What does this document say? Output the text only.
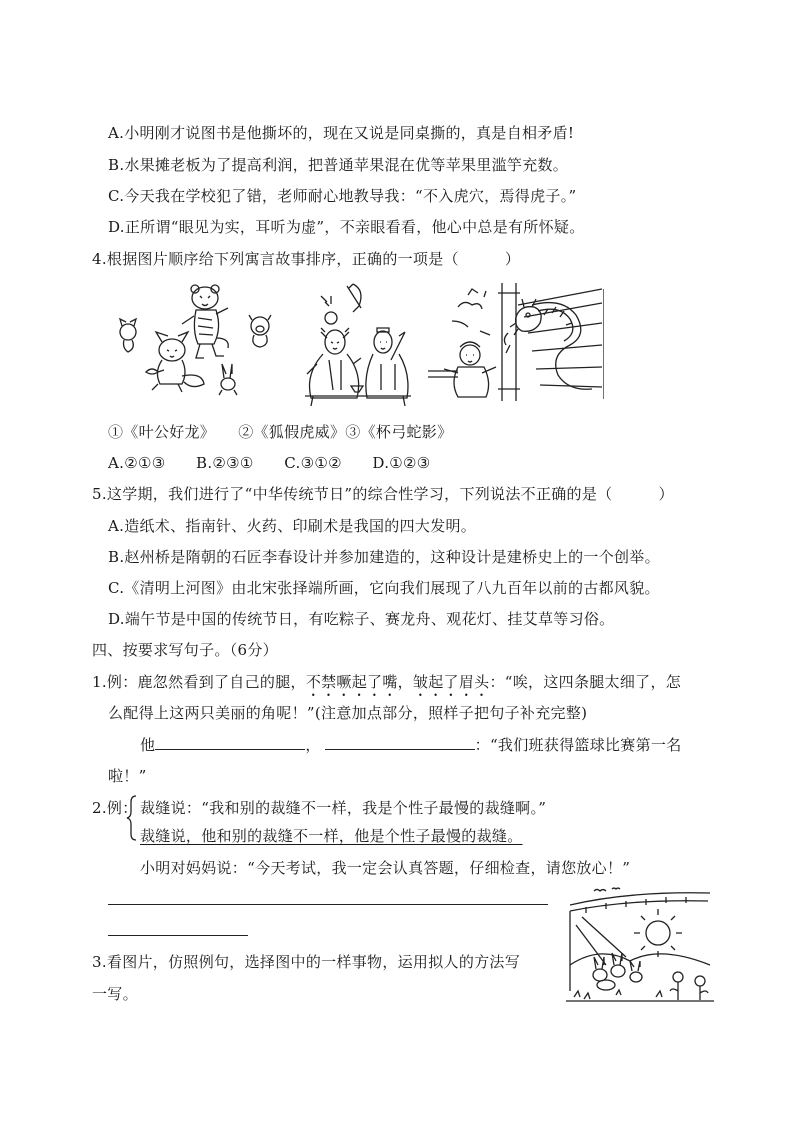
A.小明刚才说图书是他撕坏的，现在又说是同桌撕的，真是自相矛盾!
B.水果摊老板为了提高利润，把普通苹果混在优等苹果里滥竽充数。
C.今天我在学校犯了错，老师耐心地教导我：“不入虎穴，焉得虎子。”
D.正所谓“眼见为实，耳听为虚”，不亲眼看看，他心中总是有所怀疑。
4.根据图片顺序给下列寓言故事排序，正确的一项是（	）
①《叶公好龙》　　②《狐假虎威》③《杯弓蛇影》
A.②①③　　B.②③①　　C.③①②　　D.①②③
5.这学期，我们进行了“中华传统节日”的综合性学习，下列说法不正确的是（	）
A.造纸术、指南针、火药、印刷术是我国的四大发明。
B.赵州桥是隋朝的石匠李春设计并参加建造的，这种设计是建桥史上的一个创举。
C.《清明上河图》由北宋张择端所画，它向我们展现了八九百年以前的古都风貌。
D.端午节是中国的传统节日，有吃粽子、赛龙舟、观花灯、挂艾草等习俗。
四、按要求写句子。（6分）
1.例：鹿忽然看到了自己的腿，不禁噘起了嘴，皱起了眉头：“唉，这四条腿太细了，怎
么配得上这两只美丽的角呢！”(注意加点部分，照样子把句子补充完整)
他	，	：“我们班获得篮球比赛第一名
啦！”
2.例： 裁缝说：“我和别的裁缝不一样，我是个性子最慢的裁缝啊。”
裁缝说，他和别的裁缝不一样，他是个性子最慢的裁缝。
小明对妈妈说：“今天考试，我一定会认真答题，仔细检查，请您放心！”
3.看图片，仿照例句，选择图中的一样事物，运用拟人的方法写
一写。
